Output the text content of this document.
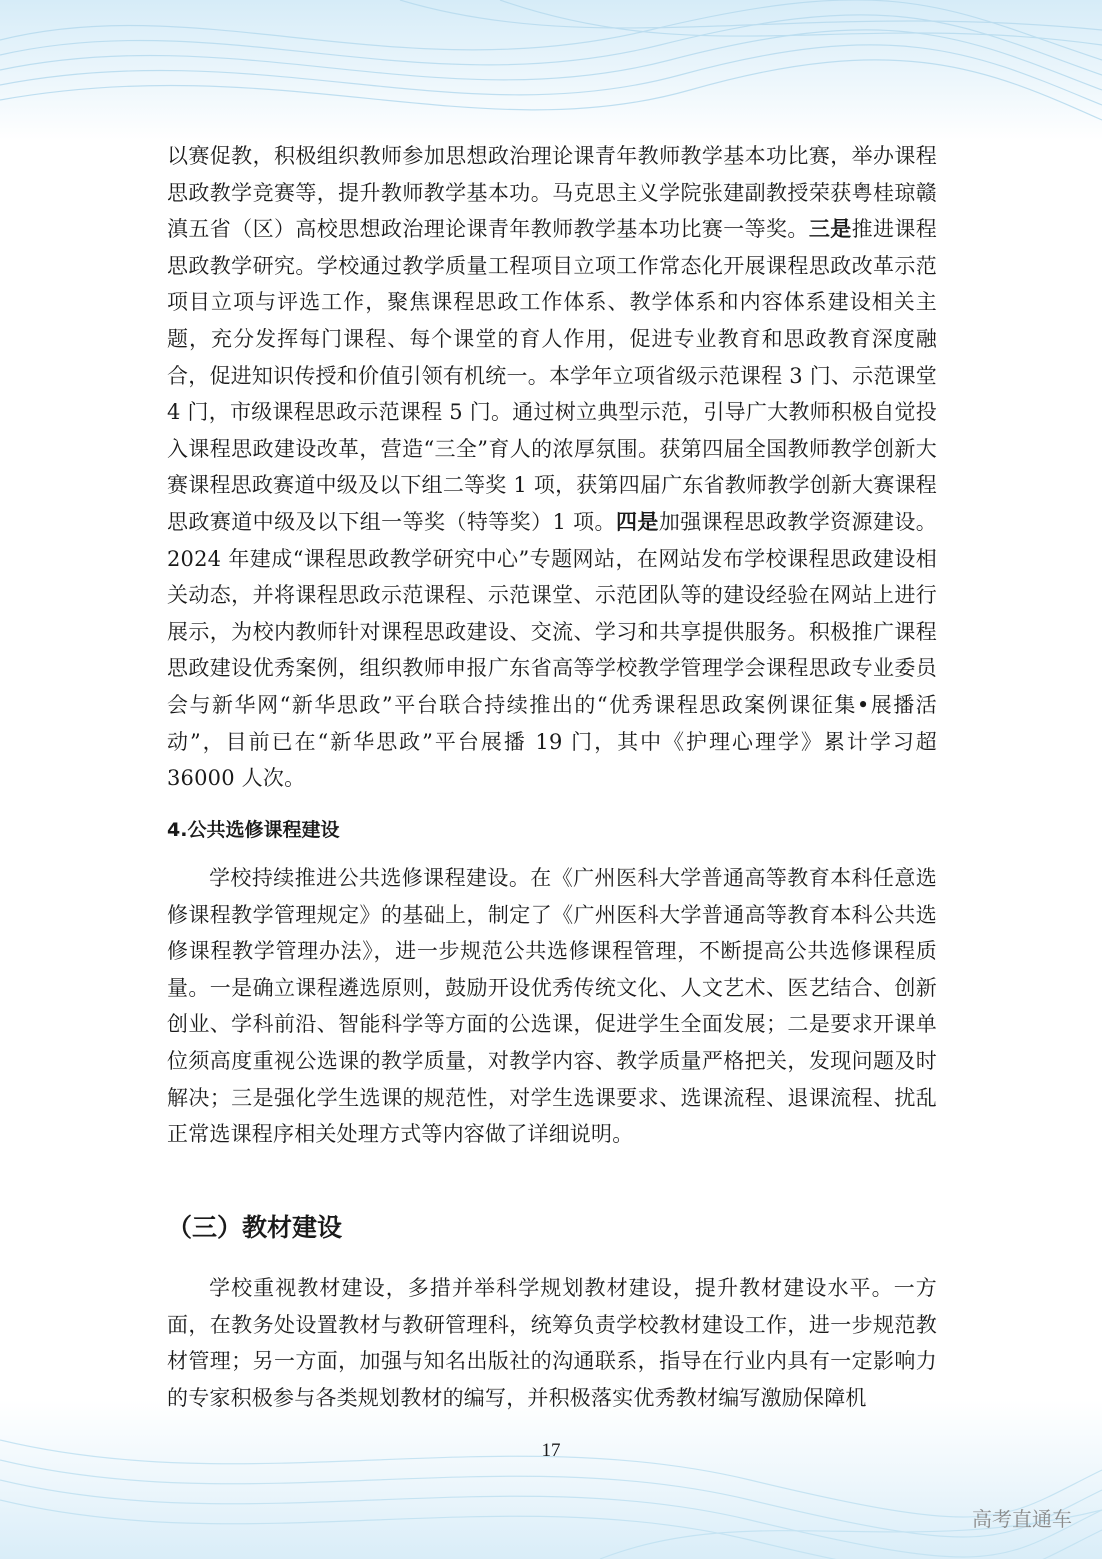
以赛促教，积极组织教师参加思想政治理论课青年教师教学基本功比赛，举办课程思政教学竞赛等，提升教师教学基本功。马克思主义学院张建副教授荣获粤桂琼赣滇五省（区）高校思想政治理论课青年教师教学基本功比赛一等奖。三是推进课程思政教学研究。学校通过教学质量工程项目立项工作常态化开展课程思政改革示范项目立项与评选工作，聚焦课程思政工作体系、教学体系和内容体系建设相关主题，充分发挥每门课程、每个课堂的育人作用，促进专业教育和思政教育深度融合，促进知识传授和价值引领有机统一。本学年立项省级示范课程 3 门、示范课堂 4 门，市级课程思政示范课程 5 门。通过树立典型示范，引导广大教师积极自觉投入课程思政建设改革，营造“三全”育人的浓厚氛围。获第四届全国教师教学创新大赛课程思政赛道中级及以下组二等奖 1 项，获第四届广东省教师教学创新大赛课程思政赛道中级及以下组一等奖（特等奖）1 项。四是加强课程思政教学资源建设。2024 年建成“课程思政教学研究中心”专题网站，在网站发布学校课程思政建设相关动态，并将课程思政示范课程、示范课堂、示范团队等的建设经验在网站上进行展示，为校内教师针对课程思政建设、交流、学习和共享提供服务。积极推广课程思政建设优秀案例，组织教师申报广东省高等学校教学管理学会课程思政专业委员会与新华网“新华思政”平台联合持续推出的“优秀课程思政案例课征集•展播活动”，目前已在“新华思政”平台展播 19 门，其中《护理心理学》累计学习超 36000 人次。

4.公共选修课程建设

学校持续推进公共选修课程建设。在《广州医科大学普通高等教育本科任意选修课程教学管理规定》的基础上，制定了《广州医科大学普通高等教育本科公共选修课程教学管理办法》，进一步规范公共选修课程管理，不断提高公共选修课程质量。一是确立课程遴选原则，鼓励开设优秀传统文化、人文艺术、医艺结合、创新创业、学科前沿、智能科学等方面的公选课，促进学生全面发展；二是要求开课单位须高度重视公选课的教学质量，对教学内容、教学质量严格把关，发现问题及时解决；三是强化学生选课的规范性，对学生选课要求、选课流程、退课流程、扰乱正常选课程序相关处理方式等内容做了详细说明。

（三）教材建设

学校重视教材建设，多措并举科学规划教材建设，提升教材建设水平。一方面，在教务处设置教材与教研管理科，统筹负责学校教材建设工作，进一步规范教材管理；另一方面，加强与知名出版社的沟通联系，指导在行业内具有一定影响力的专家积极参与各类规划教材的编写，并积极落实优秀教材编写激励保障机

17
高考直通车
